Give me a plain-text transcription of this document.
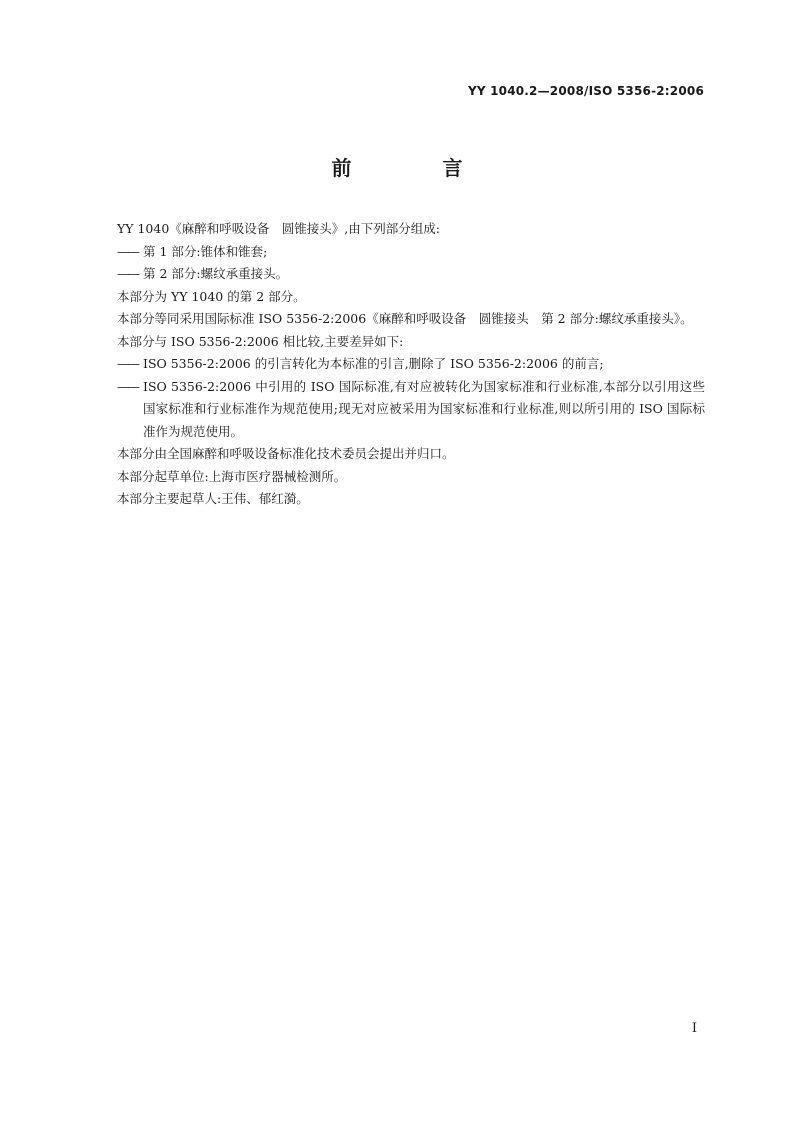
YY 1040.2—2008/ISO 5356-2:2006
前 言

YY 1040《麻醉和呼吸设备　圆锥接头》,由下列部分组成:

—— 第 1 部分:锥体和锥套;

—— 第 2 部分:螺纹承重接头。

本部分为 YY 1040 的第 2 部分。

本部分等同采用国际标准 ISO 5356-2:2006《麻醉和呼吸设备　圆锥接头　第 2 部分:螺纹承重接头》。

本部分与 ISO 5356-2:2006 相比较,主要差异如下:

—— ISO 5356-2:2006 的引言转化为本标准的引言,删除了 ISO 5356-2:2006 的前言;

—— ISO 5356-2:2006 中引用的 ISO 国际标准,有对应被转化为国家标准和行业标准,本部分以引用这些国家标准和行业标准作为规范使用;现无对应被采用为国家标准和行业标准,则以所引用的 ISO 国际标准作为规范使用。

本部分由全国麻醉和呼吸设备标准化技术委员会提出并归口。

本部分起草单位:上海市医疗器械检测所。

本部分主要起草人:王伟、郁红漪。

I
